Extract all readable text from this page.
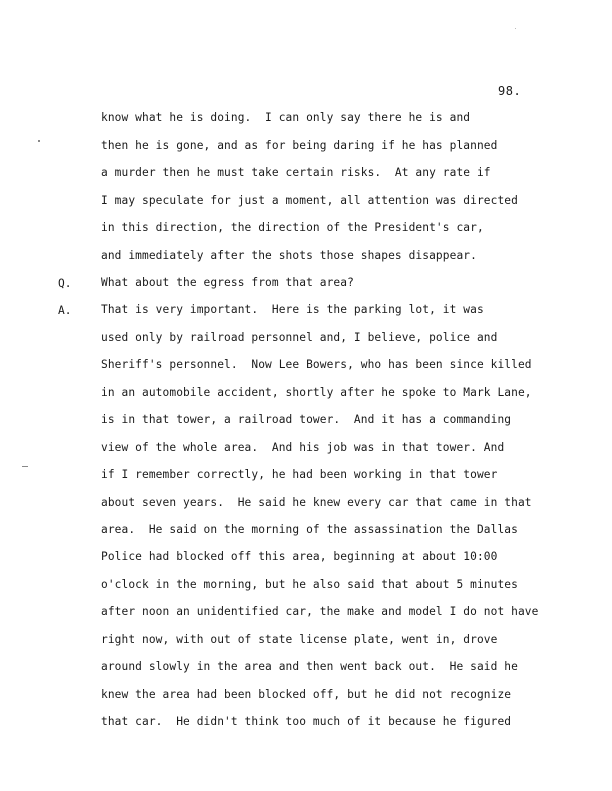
98.
Q.
A.
know what he is doing.  I can only say there he is and
then he is gone, and as for being daring if he has planned
a murder then he must take certain risks.  At any rate if
I may speculate for just a moment, all attention was directed
in this direction, the direction of the President's car,
and immediately after the shots those shapes disappear.
What about the egress from that area?
That is very important.  Here is the parking lot, it was
used only by railroad personnel and, I believe, police and
Sheriff's personnel.  Now Lee Bowers, who has been since killed
in an automobile accident, shortly after he spoke to Mark Lane,
is in that tower, a railroad tower.  And it has a commanding
view of the whole area.  And his job was in that tower. And
if I remember correctly, he had been working in that tower
about seven years.  He said he knew every car that came in that
area.  He said on the morning of the assassination the Dallas
Police had blocked off this area, beginning at about 10:00
o'clock in the morning, but he also said that about 5 minutes
after noon an unidentified car, the make and model I do not have
right now, with out of state license plate, went in, drove
around slowly in the area and then went back out.  He said he
knew the area had been blocked off, but he did not recognize
that car.  He didn't think too much of it because he figured
